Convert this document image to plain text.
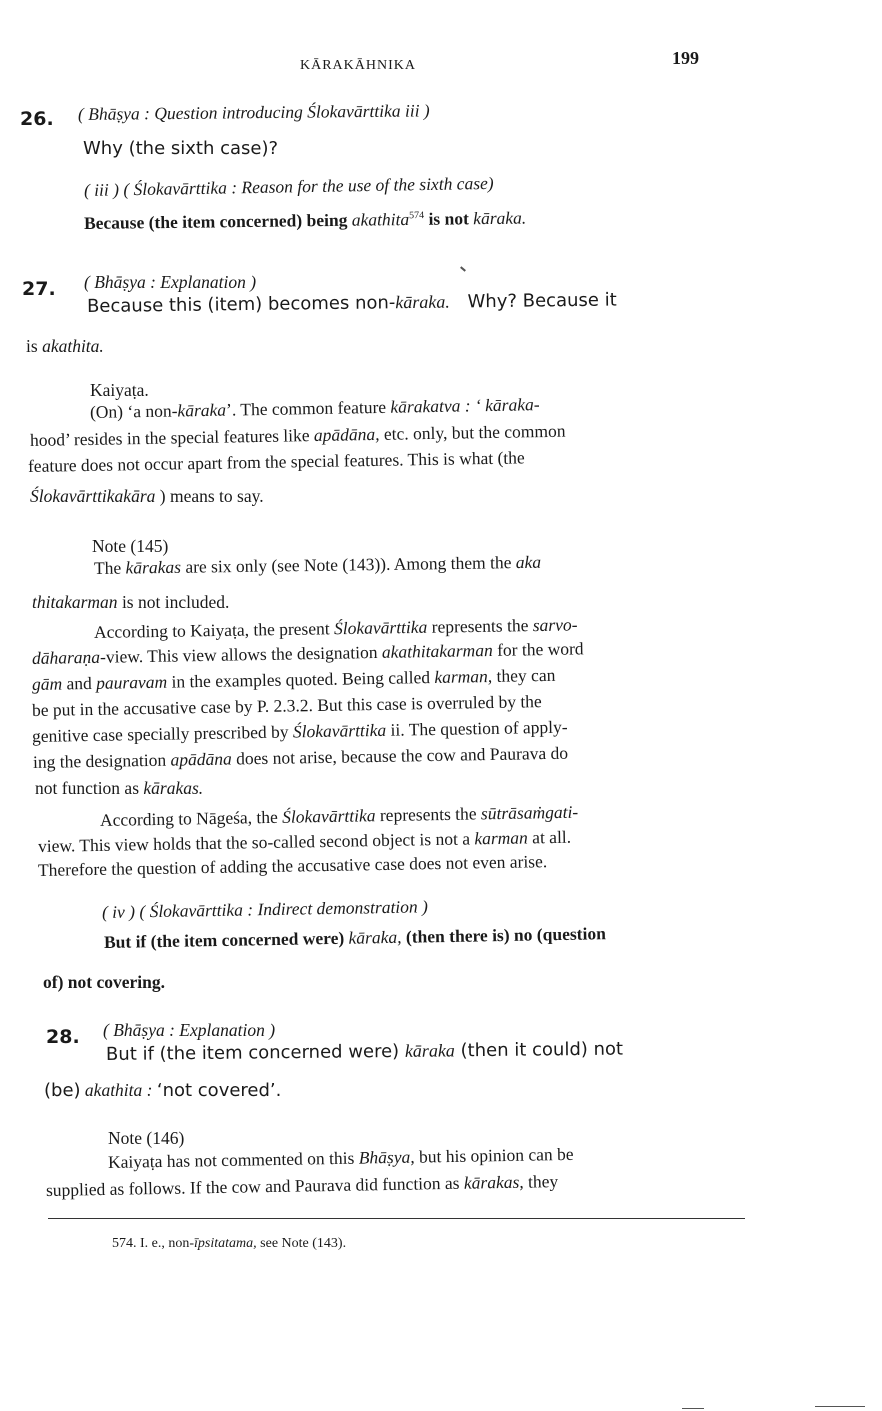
KĀRAKĀHNIKA	199
26. ( Bhāṣya : Question introducing Ślokavārttika iii )
Why (the sixth case)?
( iii ) ( Ślokavārttika : Reason for the use of the sixth case)
Because (the item concerned) being akathita$^{574}$ is not kāraka.
27. ( Bhāṣya : Explanation )
Because this (item) becomes non-kāraka. Why? Because it
is akathita.
Kaiyaṭa.
(On) ‘a non-kāraka’. The common feature kārakatva : ‘ kāraka-
hood’ resides in the special features like apādāna, etc. only, but the common
feature does not occur apart from the special features. This is what (the
Ślokavārttikakāra ) means to say.
Note (145)
The kārakas are six only (see Note (143)). Among them the aka
thitakarman is not included.
According to Kaiyaṭa, the present Ślokavārttika represents the sarvo-
dāharaṇa-view. This view allows the designation akathitakarman for the word
gām and pauravam in the examples quoted. Being called karman, they can
be put in the accusative case by P. 2.3.2. But this case is overruled by the
genitive case specially prescribed by Ślokavārttika ii. The question of apply-
ing the designation apādāna does not arise, because the cow and Paurava do
not function as kārakas.
According to Nāgeśa, the Ślokavārttika represents the sūtrāsaṁgati-
view. This view holds that the so-called second object is not a karman at all.
Therefore the question of adding the accusative case does not even arise.
( iv ) ( Ślokavārttika : Indirect demonstration )
But if (the item concerned were) kāraka, (then there is) no (question
of) not covering.
28. ( Bhāṣya : Explanation )
But if (the item concerned were) kāraka (then it could) not
(be) akathita : ‘not covered’.
Note (146)
Kaiyaṭa has not commented on this Bhāṣya, but his opinion can be
supplied as follows. If the cow and Paurava did function as kārakas, they
574. I. e., non-īpsitatama, see Note (143).
